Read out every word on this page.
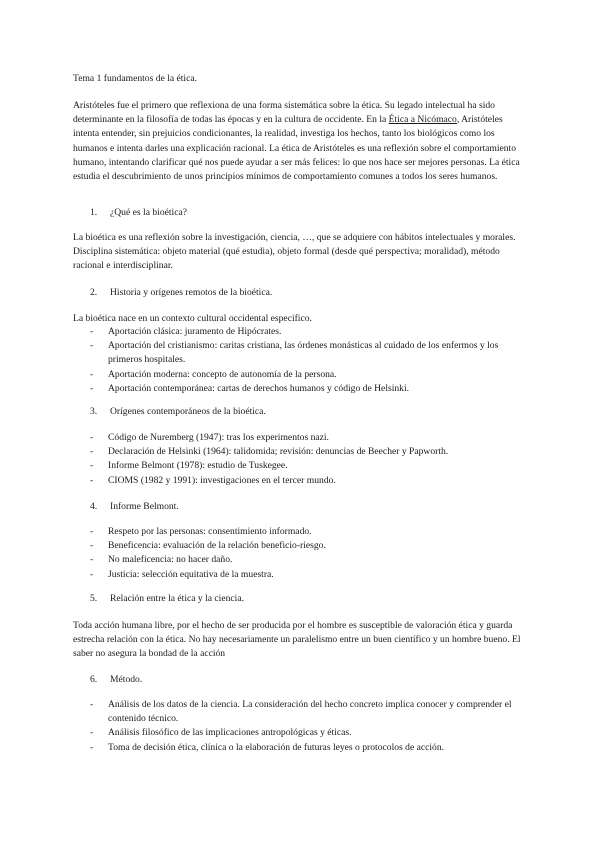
Tema 1 fundamentos de la ética.
Aristóteles fue el primero que reflexiona de una forma sistemática sobre la ética. Su legado intelectual ha sido determinante en la filosofía de todas las épocas y en la cultura de occidente. En la Ética a Nicómaco, Aristóteles intenta entender, sin prejuicios condicionantes, la realidad, investiga los hechos, tanto los biológicos como los humanos e intenta darles una explicación racional. La ética de Aristóteles es una reflexión sobre el comportamiento humano, intentando clarificar qué nos puede ayudar a ser más felices: lo que nos hace ser mejores personas. La ética estudia el descubrimiento de unos principios mínimos de comportamiento comunes a todos los seres humanos.
1. ¿Qué es la bioética?
La bioética es una reflexión sobre la investigación, ciencia, …, que se adquiere con hábitos intelectuales y morales. Disciplina sistemática: objeto material (qué estudia), objeto formal (desde qué perspectiva; moralidad), método racional e interdisciplinar.
2. Historia y orígenes remotos de la bioética.
La bioética nace en un contexto cultural occidental específico.
- Aportación clásica: juramento de Hipócrates.
- Aportación del cristianismo: caritas cristiana, las órdenes monásticas al cuidado de los enfermos y los primeros hospitales.
- Aportación moderna: concepto de autonomía de la persona.
- Aportación contemporánea: cartas de derechos humanos y código de Helsinki.
3. Orígenes contemporáneos de la bioética.
- Código de Nuremberg (1947): tras los experimentos nazi.
- Declaración de Helsinki (1964): talidomida; revisión: denuncias de Beecher y Papworth.
- Informe Belmont (1978): estudio de Tuskegee.
- CIOMS (1982 y 1991): investigaciones en el tercer mundo.
4. Informe Belmont.
- Respeto por las personas: consentimiento informado.
- Beneficencia: evaluación de la relación beneficio-riesgo.
- No maleficencia: no hacer daño.
- Justicia: selección equitativa de la muestra.
5. Relación entre la ética y la ciencia.
Toda acción humana libre, por el hecho de ser producida por el hombre es susceptible de valoración ética y guarda estrecha relación con la ética. No hay necesariamente un paralelismo entre un buen científico y un hombre bueno. El saber no asegura la bondad de la acción
6. Método.
- Análisis de los datos de la ciencia. La consideración del hecho concreto implica conocer y comprender el contenido técnico.
- Análisis filosófico de las implicaciones antropológicas y éticas.
- Toma de decisión ética, clínica o la elaboración de futuras leyes o protocolos de acción.
